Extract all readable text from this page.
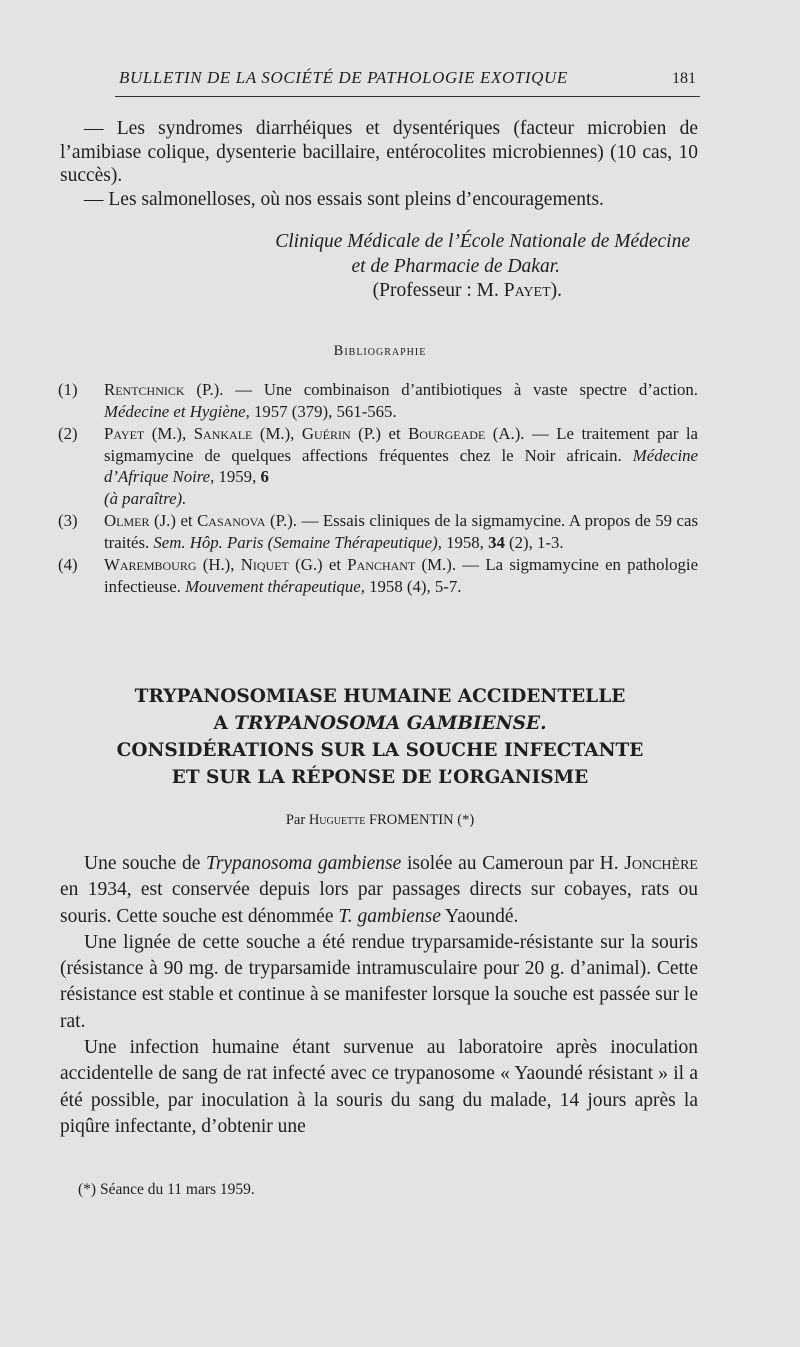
BULLETIN DE LA SOCIÉTÉ DE PATHOLOGIE EXOTIQUE	181

— Les syndromes diarrhéiques et dysentériques (facteur microbien de l’amibiase colique, dysenterie bacillaire, entérocolites microbiennes) (10 cas, 10 succès).

— Les salmonelloses, où nos essais sont pleins d’encouragements.

Clinique Médicale de l’École Nationale de Médecine
et de Pharmacie de Dakar.
(Professeur : M. Payet).
Bibliographie
(1) Rentchnick (P.). — Une combinaison d’antibiotiques à vaste spectre d’action. Médecine et Hygiène, 1957 (379), 561-565.
(2) Payet (M.), Sankale (M.), Guérin (P.) et Bourgeade (A.). — Le traitement par la sigmamycine de quelques affections fréquentes chez le Noir africain. Médecine d’Afrique Noire, 1959, 6
(à paraître).
(3) Olmer (J.) et Casanova (P.). — Essais cliniques de la sigmamycine. A propos de 59 cas traités. Sem. Hôp. Paris (Semaine Thérapeutique), 1958, 34 (2), 1-3.
(4) Warembourg (H.), Niquet (G.) et Panchant (M.). — La sigmamycine en pathologie infectieuse. Mouvement thérapeutique, 1958 (4), 5-7.
TRYPANOSOMIASE HUMAINE ACCIDENTELLE
A TRYPANOSOMA GAMBIENSE.
CONSIDÉRATIONS SUR LA SOUCHE INFECTANTE
ET SUR LA RÉPONSE DE L’ORGANISME
Par Huguette FROMENTIN (*)

Une souche de Trypanosoma gambiense isolée au Cameroun par H. Jonchère en 1934, est conservée depuis lors par passages directs sur cobayes, rats ou souris. Cette souche est dénommée T. gambiense Yaoundé.

Une lignée de cette souche a été rendue tryparsamide-résistante sur la souris (résistance à 90 mg. de tryparsamide intramusculaire pour 20 g. d’animal). Cette résistance est stable et continue à se manifester lorsque la souche est passée sur le rat.

Une infection humaine étant survenue au laboratoire après inoculation accidentelle de sang de rat infecté avec ce trypanosome « Yaoundé résistant » il a été possible, par inoculation à la souris du sang du malade, 14 jours après la piqûre infectante, d’obtenir une

(*) Séance du 11 mars 1959.
